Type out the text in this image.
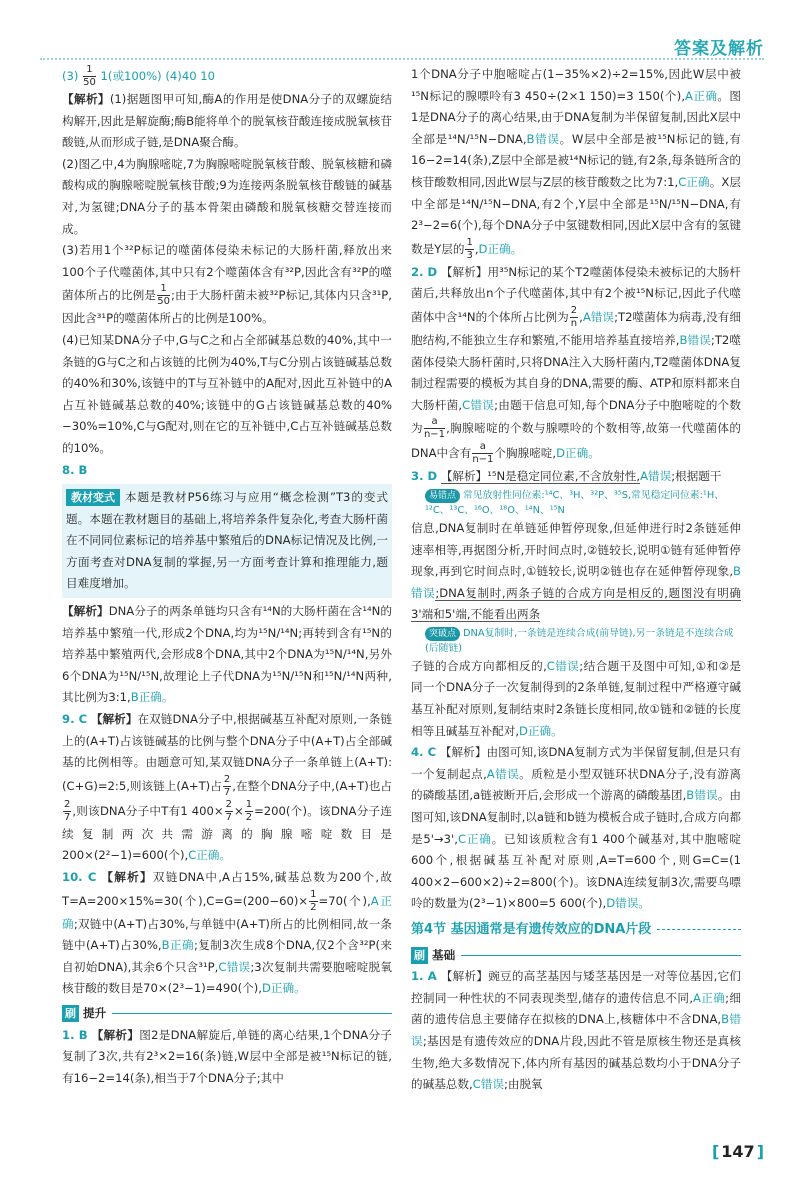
答案及解析

$(3) \frac{1}{50} 1$(或100%) (4)40 10

【解析】(1)据题图甲可知,酶A的作用是使DNA分子的双螺旋结构解开,因此是解旋酶;酶B能将单个的脱氧核苷酸连接成脱氧核苷酸链,从而形成子链,是DNA聚合酶。

(2)图乙中,4为胸腺嘧啶,7为胸腺嘧啶脱氧核苷酸、脱氧核糖和磷酸构成的胸腺嘧啶脱氧核苷酸;9为连接两条脱氧核苷酸链的碱基对,为氢键;DNA分子的基本骨架由磷酸和脱氧核糖交替连接而成。

(3)若用1个³²P标记的噬菌体侵染未标记的大肠杆菌,释放出来100个子代噬菌体,其中只有2个噬菌体含有³²P,因此含有³²P的噬菌体所占的比例是 $\frac{1}{50}$ ;由于大肠杆菌未被³²P标记,其体内只含³¹P,因此含³¹P的噬菌体所占的比例是100%。

(4)已知某DNA分子中,G与C之和占全部碱基总数的40%,其中一条链的G与C之和占该链的比例为40%,T与C分别占该链碱基总数的40%和30%,该链中的T与互补链中的A配对,因此互补链中的A占互补链碱基总数的40%;该链中的G占该链碱基总数的40%−30%=10%,C与G配对,则在它的互补链中,C占互补链碱基总数的10%。

8. B

教材变式 本题是教材P56练习与应用“概念检测”T3的变式题。本题在教材题目的基础上,将培养条件复杂化,考查大肠杆菌在不同同位素标记的培养基中繁殖后的DNA标记情况及比例,一方面考查对DNA复制的掌握,另一方面考查计算和推理能力,题目难度增加。

【解析】DNA分子的两条单链均只含有¹⁴N的大肠杆菌在含¹⁴N的培养基中繁殖一代,形成2个DNA,均为¹⁵N/¹⁴N;再转到含有¹⁵N的培养基中繁殖两代,会形成8个DNA,其中2个DNA为¹⁵N/¹⁴N,另外6个DNA为¹⁵N/¹⁵N,故理论上子代DNA为¹⁵N/¹⁵N和¹⁵N/¹⁴N两种,其比例为3:1,B正确。

9. C 【解析】在双链DNA分子中,根据碱基互补配对原则,一条链上的(A+T)占该链碱基的比例与整个DNA分子中(A+T)占全部碱基的比例相等。由题意可知,某双链DNA分子一条单链上(A+T):(C+G)=2:5,则该链上(A+T)占 $\frac{2}{7}$ ,在整个DNA分子中,(A+T)也占
$\frac{2}{7}$ ,则该DNA分子中T有1 $400\times \frac{2}{7} \times \frac{1}{2} =200$(个)。该DNA分子连续复制两次共需游离的胸腺嘧啶数目是200×(2²−1)=600(个),C正确。

10. C 【解析】双链DNA中,A占15%,碱基总数为200个,故T=A=200×15%=30(个)$,C=G=(200-60)\times \frac{1}{2} =70$(个),A正确;双链中(A+T)占30%,与单链中(A+T)所占的比例相同,故一条链中(A+T)占30%,B正确;复制3次生成8个DNA,仅2个含³²P(来自初始DNA),其余6个只含³¹P,C错误;3次复制共需要胞嘧啶脱氧核苷酸的数目是70×(2³−1)=490(个),D正确。

刷 提升

1. B 【解析】图2是DNA解旋后,单链的离心结果,1个DNA分子复制了3次,共有2³×2=16(条)链,W层中全部是被¹⁵N标记的链,有16−2=14(条),相当于7个DNA分子;其中

1个DNA分子中胞嘧啶占(1−35%×2)÷2=15%,因此W层中被¹⁵N标记的腺嘌呤有3 450÷(2×1 150)=3 150(个),A正确。图1是DNA分子的离心结果,由于DNA复制为半保留复制,因此X层中全部是¹⁴N/¹⁵N−DNA,B错误。W层中全部是被¹⁵N标记的链,有16−2=14(条),Z层中全部是被¹⁴N标记的链,有2条,每条链所含的核苷酸数相同,因此W层与Z层的核苷酸数之比为7:1,C正确。X层中全部是¹⁴N/¹⁵N−DNA,有2个,Y层中全部是¹⁵N/¹⁵N−DNA,有2³−2=6(个),每个DNA分子中氢键数相同,因此X层中含有的氢键数是Y层的 $\frac{1}{3} ,D$正确。

2. D 【解析】用³⁵N标记的某个T2噬菌体侵染未被标记的大肠杆菌后,共释放出n个子代噬菌体,其中有2个被¹⁵N标记,因此子代噬菌体中含¹⁴N的个体所占比例为 $\frac{2}{n} ,A$错误;T2噬菌体为病毒,没有细胞结构,不能独立生存和繁殖,不能用培养基直接培养,B错误;T2噬菌体侵染大肠杆菌时,只将DNA注入大肠杆菌内,T2噬菌体DNA复制过程需要的模板为其自身的DNA,需要的酶、ATP和原料都来自大肠杆菌,C错误;由题干信息可知,每个DNA分子中胞嘧啶的个数为 $\frac{a}{n-1}$ ,胸腺嘧啶的个数与腺嘌呤的个数相等,故第一代噬菌体的DNA中含有 $\frac{a}{n-1}$ 个胸腺嘧啶,D正确。

3. D 【解析】¹⁵N是稳定同位素,不含放射性,A错误;根据题干

易错点 常见放射性同位素:¹⁴C、³H、³²P、³⁵S,常见稳定同位素:¹H、¹²C、¹³C、¹⁶O、¹⁸O、¹⁴N、¹⁵N

信息,DNA复制时在单链延伸暂停现象,但延伸进行时2条链延伸速率相等,再据图分析,开时间点时,②链较长,说明①链有延伸暂停现象,再到它时间点时,①链较长,说明②链也存在延伸暂停现象,B错误;DNA复制时,两条子链的合成方向是相反的,题图没有明确3'端和5'端,不能看出两条

突破点 DNA复制时,一条链是连续合成(前导链),另一条链是不连续合成(后随链)

子链的合成方向都相反的,C错误;结合题干及图中可知,①和②是同一个DNA分子一次复制得到的2条单链,复制过程中严格遵守碱基互补配对原则,复制结束时2条链长度相同,故①链和②链的长度相等且碱基互补配对,D正确。

4. C 【解析】由图可知,该DNA复制方式为半保留复制,但是只有一个复制起点,A错误。质粒是小型双链环状DNA分子,没有游离的磷酸基团,a链被断开后,会形成一个游离的磷酸基团,B错误。由图可知,该DNA复制时,以a链和b链为模板合成子链时,合成方向都是5'→3',C正确。已知该质粒含有1 400个碱基对,其中胞嘧啶600个,根据碱基互补配对原则,A=T=600个,则G=C=(1 400×2−600×2)÷2=800(个)。该DNA连续复制3次,需要鸟嘌呤的数量为(2³−1)×800=5 600(个),D错误。

第4节 基因通常是有遗传效应的DNA片段
刷 基础

1. A 【解析】豌豆的高茎基因与矮茎基因是一对等位基因,它们控制同一种性状的不同表现类型,储存的遗传信息不同,A正确;细菌的遗传信息主要储存在拟核的DNA上,核糖体中不含DNA,B错误;基因是有遗传效应的DNA片段,因此不管是原核生物还是真核生物,绝大多数情况下,体内所有基因的碱基总数均小于DNA分子的碱基总数,C错误;由脱氧

[ 147 ]
